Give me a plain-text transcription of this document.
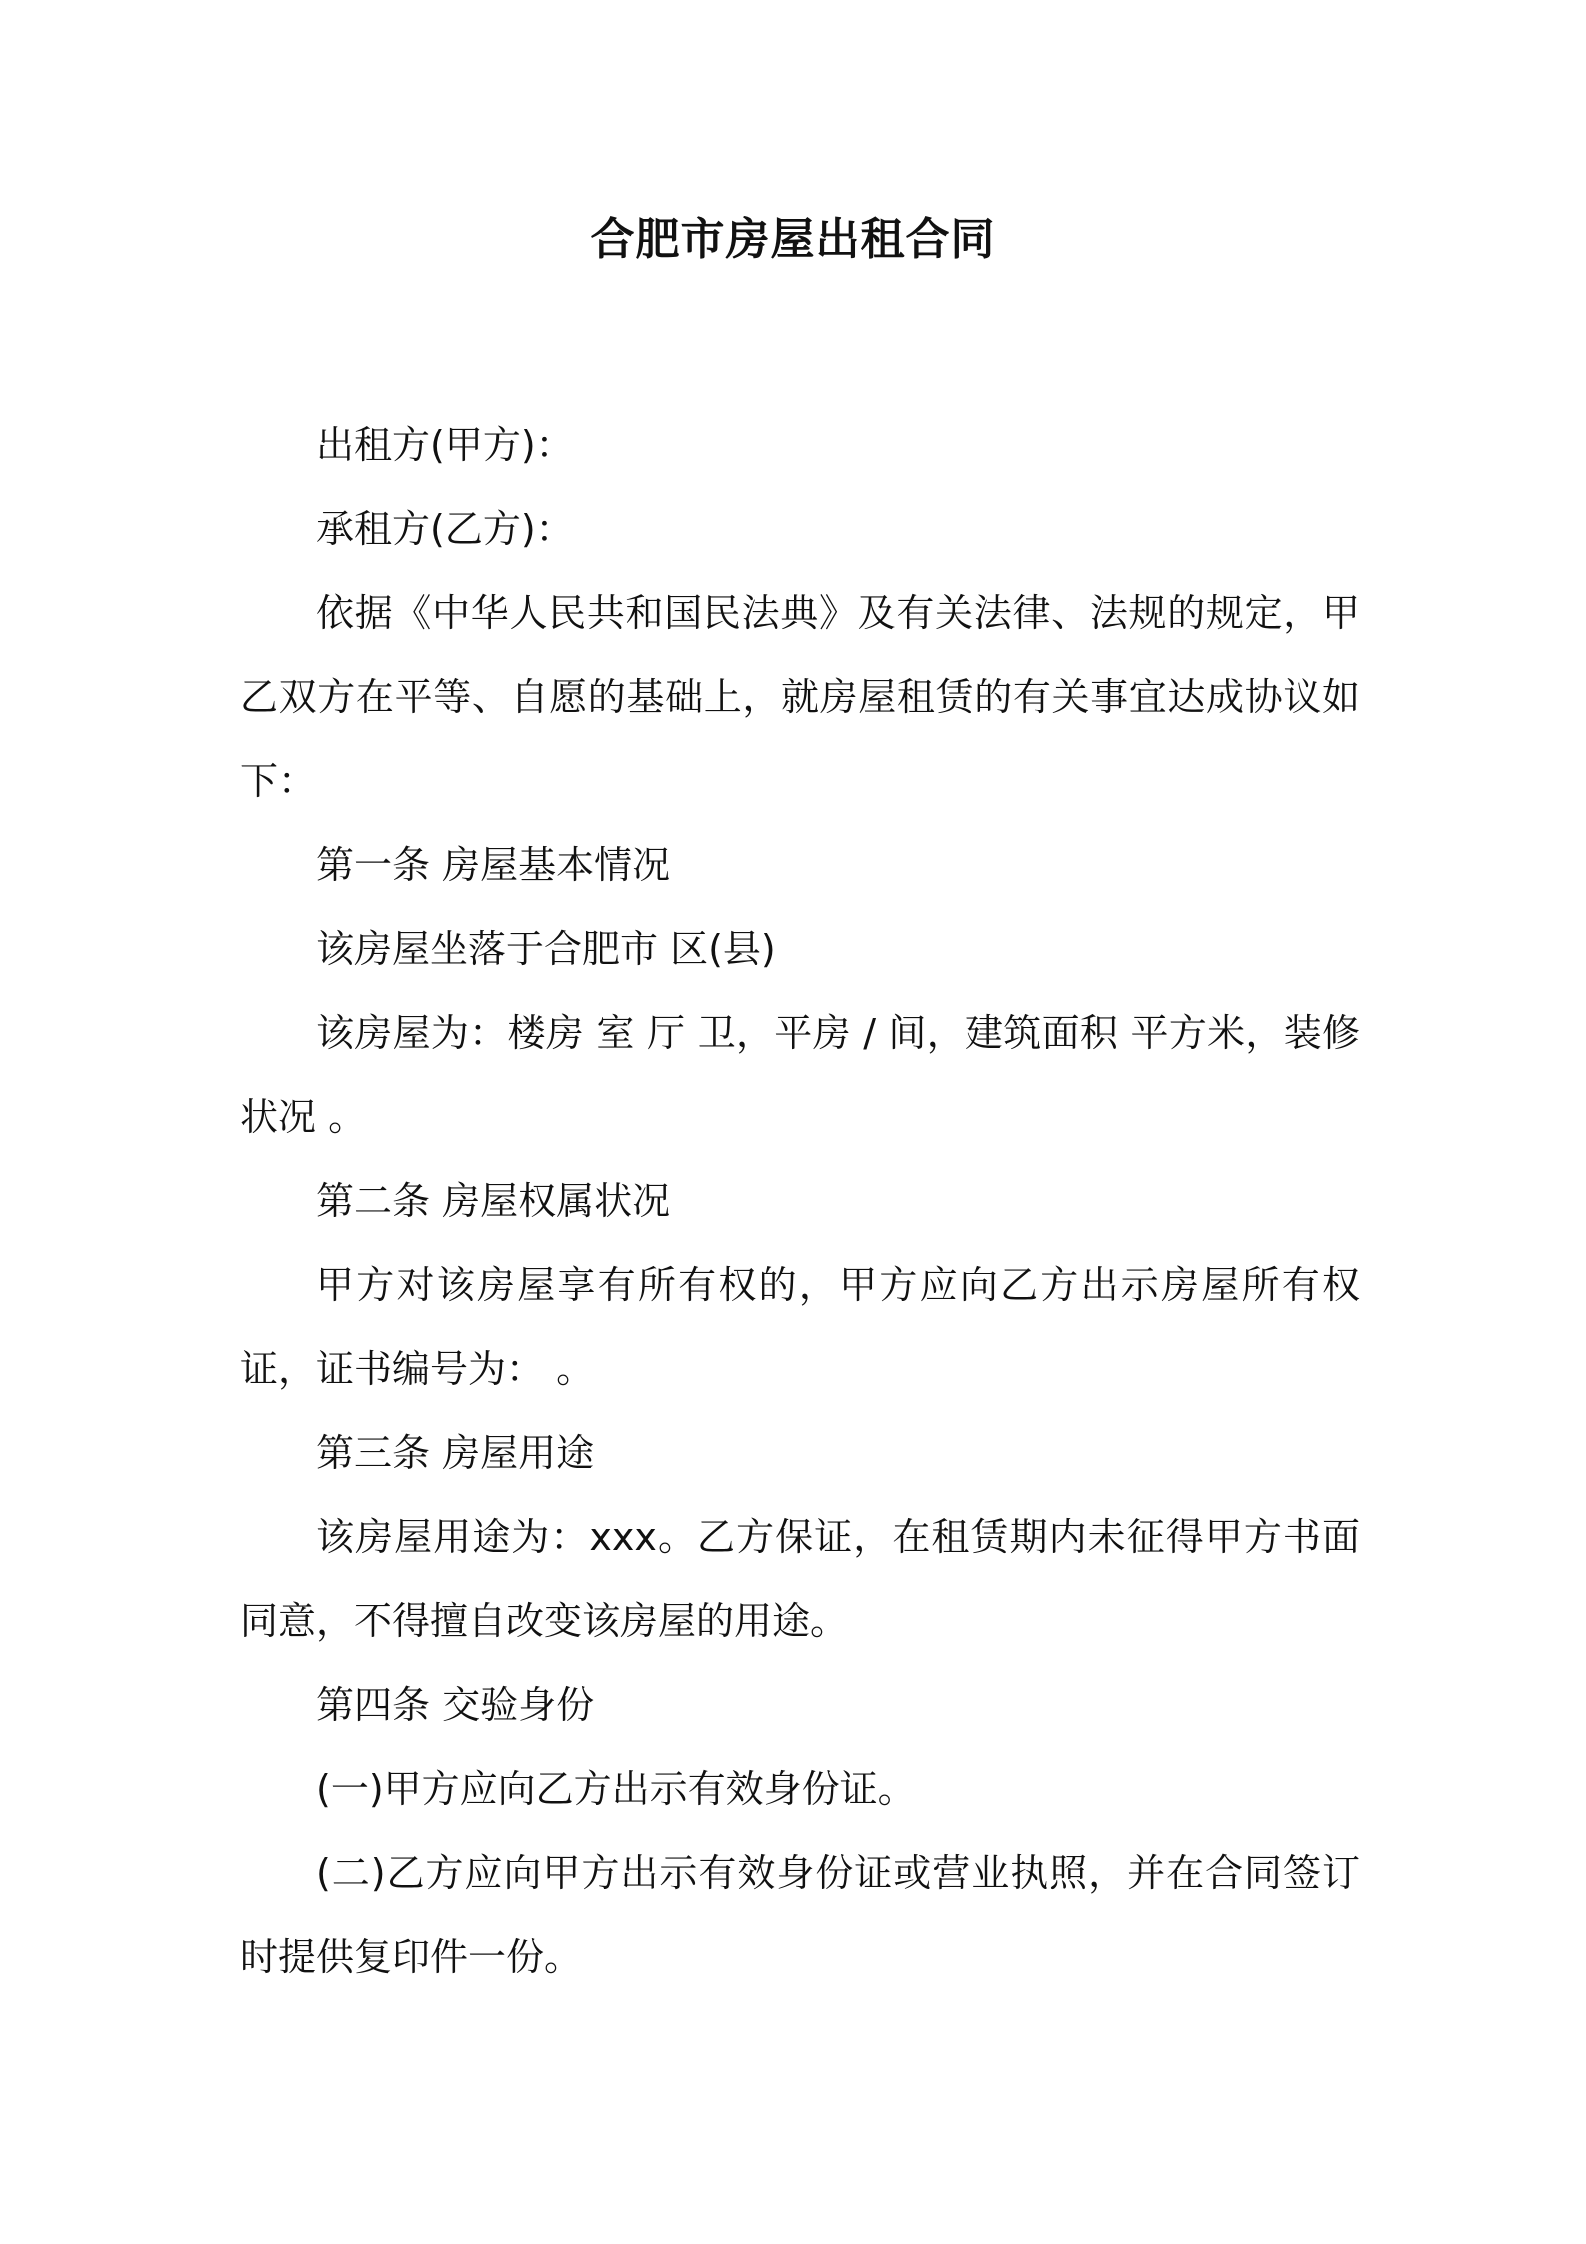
合肥市房屋出租合同

出租方(甲方)：

承租方(乙方)：

依据《中华人民共和国民法典》及有关法律、法规的规定，甲乙双方在平等、自愿的基础上，就房屋租赁的有关事宜达成协议如下：

第一条 房屋基本情况

该房屋坐落于合肥市 区(县)

该房屋为：楼房 室 厅 卫，平房 / 间，建筑面积 平方米，装修状况 。

第二条 房屋权属状况

甲方对该房屋享有所有权的，甲方应向乙方出示房屋所有权证，证书编号为： 。

第三条 房屋用途

该房屋用途为：xxx。乙方保证，在租赁期内未征得甲方书面同意，不得擅自改变该房屋的用途。

第四条 交验身份

(一)甲方应向乙方出示有效身份证。

(二)乙方应向甲方出示有效身份证或营业执照，并在合同签订时提供复印件一份。
